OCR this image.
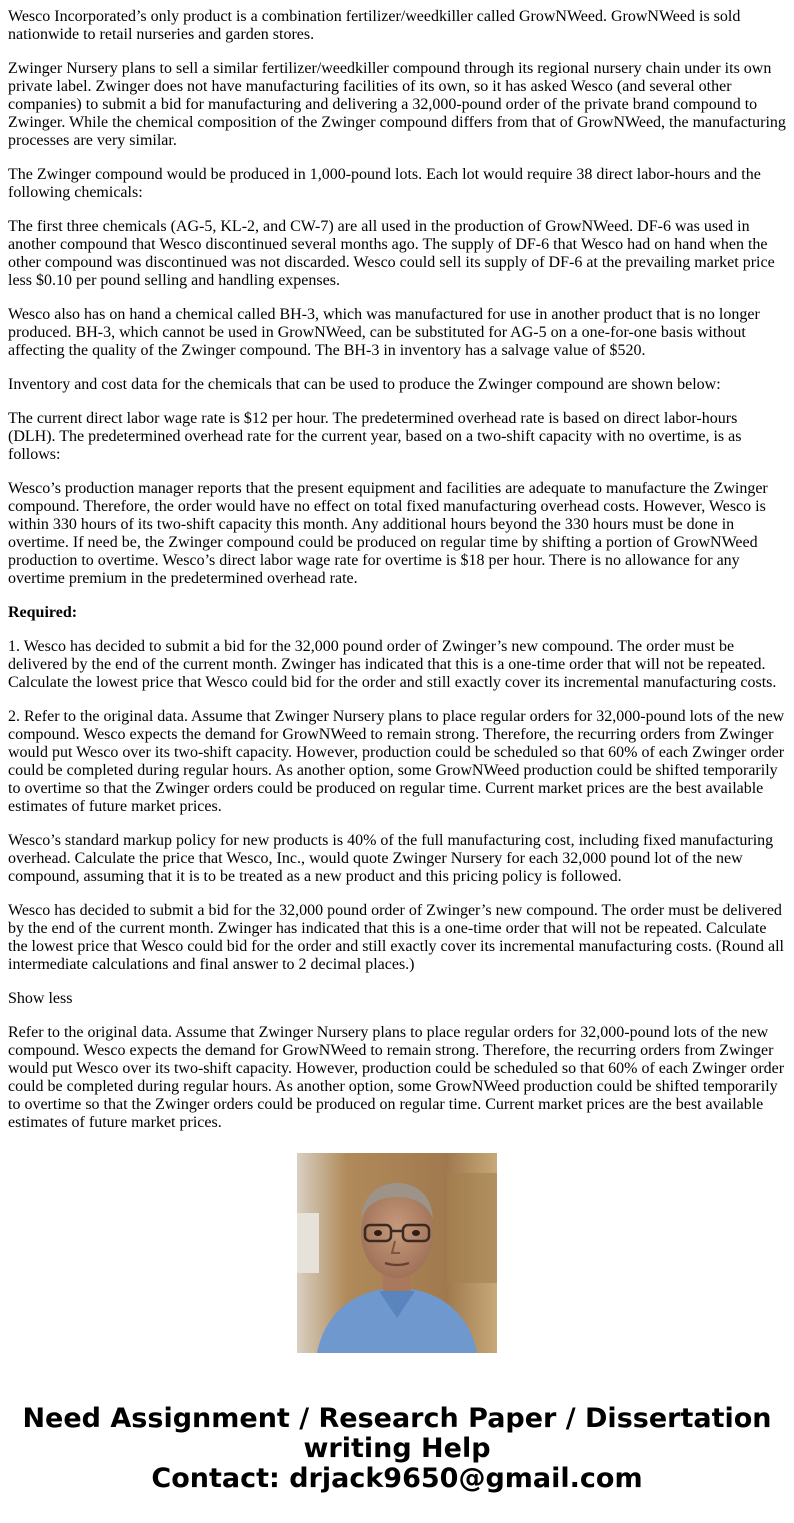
Wesco Incorporated’s only product is a combination fertilizer/weedkiller called GrowNWeed. GrowNWeed is sold nationwide to retail nurseries and garden stores.

Zwinger Nursery plans to sell a similar fertilizer/weedkiller compound through its regional nursery chain under its own private label. Zwinger does not have manufacturing facilities of its own, so it has asked Wesco (and several other companies) to submit a bid for manufacturing and delivering a 32,000-pound order of the private brand compound to Zwinger. While the chemical composition of the Zwinger compound differs from that of GrowNWeed, the manufacturing processes are very similar.

The Zwinger compound would be produced in 1,000-pound lots. Each lot would require 38 direct labor-hours and the following chemicals:

The first three chemicals (AG-5, KL-2, and CW-7) are all used in the production of GrowNWeed. DF-6 was used in another compound that Wesco discontinued several months ago. The supply of DF-6 that Wesco had on hand when the other compound was discontinued was not discarded. Wesco could sell its supply of DF-6 at the prevailing market price less $0.10 per pound selling and handling expenses.

Wesco also has on hand a chemical called BH-3, which was manufactured for use in another product that is no longer produced. BH-3, which cannot be used in GrowNWeed, can be substituted for AG-5 on a one-for-one basis without affecting the quality of the Zwinger compound. The BH-3 in inventory has a salvage value of $520.

Inventory and cost data for the chemicals that can be used to produce the Zwinger compound are shown below:

The current direct labor wage rate is $12 per hour. The predetermined overhead rate is based on direct labor-hours (DLH). The predetermined overhead rate for the current year, based on a two-shift capacity with no overtime, is as follows:

Wesco’s production manager reports that the present equipment and facilities are adequate to manufacture the Zwinger compound. Therefore, the order would have no effect on total fixed manufacturing overhead costs. However, Wesco is within 330 hours of its two-shift capacity this month. Any additional hours beyond the 330 hours must be done in overtime. If need be, the Zwinger compound could be produced on regular time by shifting a portion of GrowNWeed production to overtime. Wesco’s direct labor wage rate for overtime is $18 per hour. There is no allowance for any overtime premium in the predetermined overhead rate.

Required:

1. Wesco has decided to submit a bid for the 32,000 pound order of Zwinger’s new compound. The order must be delivered by the end of the current month. Zwinger has indicated that this is a one-time order that will not be repeated. Calculate the lowest price that Wesco could bid for the order and still exactly cover its incremental manufacturing costs.

2. Refer to the original data. Assume that Zwinger Nursery plans to place regular orders for 32,000-pound lots of the new compound. Wesco expects the demand for GrowNWeed to remain strong. Therefore, the recurring orders from Zwinger would put Wesco over its two-shift capacity. However, production could be scheduled so that 60% of each Zwinger order could be completed during regular hours. As another option, some GrowNWeed production could be shifted temporarily to overtime so that the Zwinger orders could be produced on regular time. Current market prices are the best available estimates of future market prices.

Wesco’s standard markup policy for new products is 40% of the full manufacturing cost, including fixed manufacturing overhead. Calculate the price that Wesco, Inc., would quote Zwinger Nursery for each 32,000 pound lot of the new compound, assuming that it is to be treated as a new product and this pricing policy is followed.

Wesco has decided to submit a bid for the 32,000 pound order of Zwinger’s new compound. The order must be delivered by the end of the current month. Zwinger has indicated that this is a one-time order that will not be repeated. Calculate the lowest price that Wesco could bid for the order and still exactly cover its incremental manufacturing costs. (Round all intermediate calculations and final answer to 2 decimal places.)

Show less

Refer to the original data. Assume that Zwinger Nursery plans to place regular orders for 32,000-pound lots of the new compound. Wesco expects the demand for GrowNWeed to remain strong. Therefore, the recurring orders from Zwinger would put Wesco over its two-shift capacity. However, production could be scheduled so that 60% of each Zwinger order could be completed during regular hours. As another option, some GrowNWeed production could be shifted temporarily to overtime so that the Zwinger orders could be produced on regular time. Current market prices are the best available estimates of future market prices.

Need Assignment / Research Paper / Dissertation
writing Help
Contact: drjack9650@gmail.com
